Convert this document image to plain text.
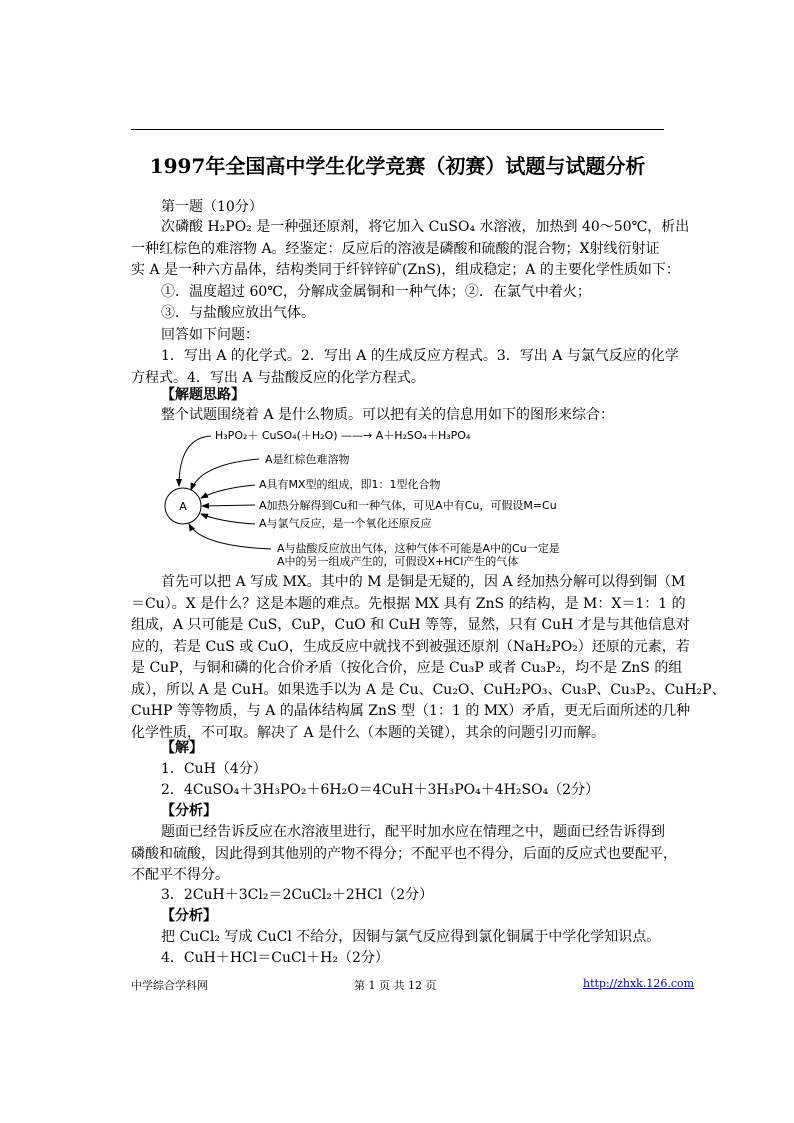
1997年全国高中学生化学竞赛（初赛）试题与试题分析

第一题（10分）

次磷酸 H₂PO₂ 是一种强还原剂，将它加入 CuSO₄ 水溶液，加热到 40～50℃，析出
一种红棕色的难溶物 A。经鉴定：反应后的溶液是磷酸和硫酸的混合物；X射线衍射证
实 A 是一种六方晶体，结构类同于纤锌锌矿(ZnS)，组成稳定；A 的主要化学性质如下：
①．温度超过 60℃，分解成金属铜和一种气体；②．在氯气中着火；
③．与盐酸应放出气体。
回答如下问题：
1．写出 A 的化学式。2．写出 A 的生成反应方程式。3．写出 A 与氯气反应的化学
方程式。4．写出 A 与盐酸反应的化学方程式。

【解题思路】

整个试题围绕着 A 是什么物质。可以把有关的信息用如下的图形来综合：

A
H₃PO₂＋ CuSO₄(＋H₂O) ——→ A＋H₂SO₄＋H₃PO₄
A是红棕色难溶物
A具有MX型的组成，即1：1型化合物
A加热分解得到Cu和一种气体，可见A中有Cu，可假设M=Cu
A与氯气反应，是一个氧化还原反应
A与盐酸反应放出气体，这种气体不可能是A中的Cu一定是
A中的另一组成产生的，可假设X+HCl产生的气体
首先可以把 A 写成 MX。其中的 M 是铜是无疑的，因 A 经加热分解可以得到铜（M
＝Cu）。X 是什么？这是本题的难点。先根据 MX 具有 ZnS 的结构，是 M：X＝1：1 的
组成，A 只可能是 CuS，CuP，CuO 和 CuH 等等，显然，只有 CuH 才是与其他信息对
应的，若是 CuS 或 CuO，生成反应中就找不到被强还原剂（NaH₂PO₂）还原的元素，若
是 CuP，与铜和磷的化合价矛盾（按化合价，应是 Cu₃P 或者 Cu₃P₂，均不是 ZnS 的组
成），所以 A 是 CuH。如果选手以为 A 是 Cu、Cu₂O、CuH₂PO₃、Cu₃P、Cu₃P₂、CuH₂P、
CuHP 等等物质，与 A 的晶体结构属 ZnS 型（1：1 的 MX）矛盾，更无后面所述的几种
化学性质，不可取。解决了 A 是什么（本题的关键），其余的问题引刃而解。

【解】

1．CuH（4分）

2．4CuSO₄＋3H₃PO₂＋6H₂O＝4CuH＋3H₃PO₄＋4H₂SO₄（2分）

【分析】

题面已经告诉反应在水溶液里进行，配平时加水应在情理之中，题面已经告诉得到
磷酸和硫酸，因此得到其他别的产物不得分；不配平也不得分，后面的反应式也要配平，
不配平不得分。

3．2CuH＋3Cl₂＝2CuCl₂＋2HCl（2分）

【分析】

把 CuCl₂ 写成 CuCl 不给分，因铜与氯气反应得到氯化铜属于中学化学知识点。

4．CuH＋HCl＝CuCl＋H₂（2分）

中学综合学科网	第 1 页 共 12 页	http://zhxk.126.com
